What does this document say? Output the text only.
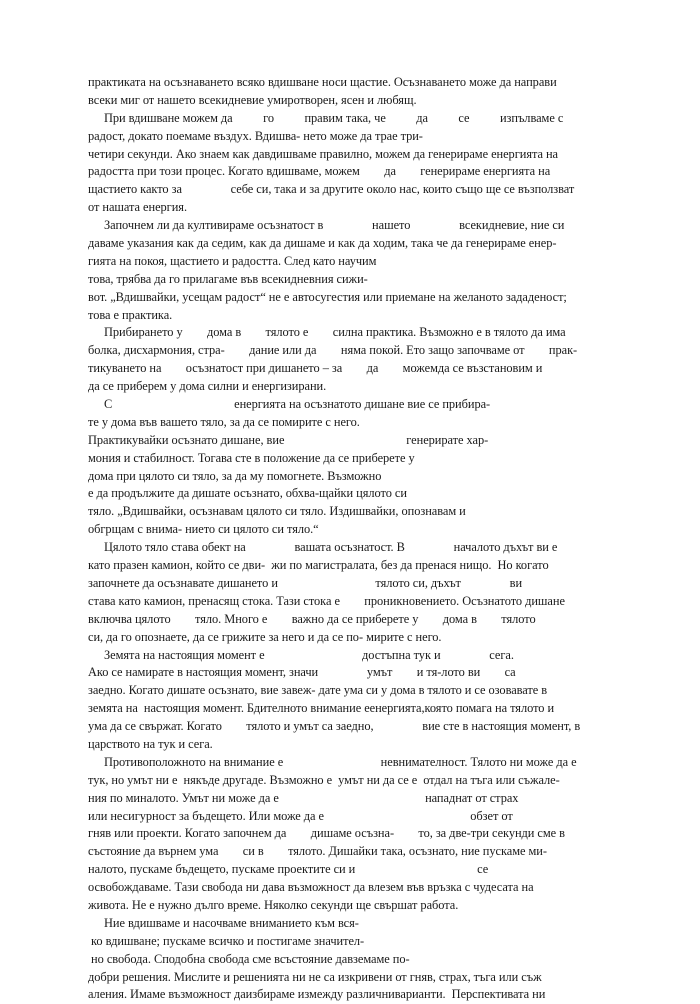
практиката на осъзнаването всяко вдишване носи щастие. Осъзнаването може да направи
всеки миг от нашето всекидневие умиротворен, ясен и любящ.
При вдишване можем да          го          правим така, че          да          се          изпълваме с
радост, докато поемаме въздух. Вдишва- нето може да трае три-
четири секунди. Ако знаем как давдишваме правилно, можем да генерираме енергията на
радостта при този процес. Когато вдишваме, можем        да        генерираме енергията на
щастието както за                себе си, така и за другите около нас, които също ще се възползват
от нашата енергия.
Започнем ли да култивираме осъзнатост в                нашето                всекидневие, ние си
даваме указания как да седим, как да дишаме и как да ходим, така че да генерираме енер-
гията на покоя, щастието и радостта. След като научим
това, трябва да го прилагаме във всекидневния сижи-
вот. „Вдишвайки, усещам радост“ не е автосугестия или приемане на желаното зададеност;
това е практика.
Прибирането у        дома в        тялото е        силна практика. Възможно е в тялото да има
болка, дисхармония, стра-        дание или да        няма покой. Ето защо започваме от        прак-
тикуването на        осъзнатост при дишането – за        да        можемда се възстановим и
да се приберем у дома силни и енергизирани.
С                                        енергията на осъзнатото дишане вие се прибира-
те у дома във вашето тяло, за да се помирите с него.
Практикувайки осъзнато дишане, вие                                        генерирате хар-
мония и стабилност. Тогава сте в положение да се приберете у
дома при цялото си тяло, за да му помогнете. Възможно
е да продължите да дишате осъзнато, обхва-щайки цялото си
тяло. „Вдишвайки, осъзнавам цялото си тяло. Издишвайки, опознавам и
обгрщам с внима- нието си цялото си тяло.“
Цялото тяло става обект на                вашата осъзнатост. В                началото дъхът ви е
като празен камион, който се дви-  жи по магистралата, без да пренася нищо.  Но когато
започнете да осъзнавате дишането и                                тялото си, дъхът                ви
става като камион, пренасящ стока. Тази стока е        проникновението. Осъзнатото дишане
включва цялото        тяло. Много е        важно да се приберете у        дома в        тялото
си, да го опознаете, да се грижите за него и да се по- мирите с него.
Земята на настоящия момент е                                достъпна тук и                сега.
Ако се намирате в настоящия момент, значи                умът        и тя-лото ви        са
заедно. Когато дишате осъзнато, вие завеж- дате ума си у дома в тялото и се озовавате в
земята на  настоящия момент. Бдителното внимание еенергията,която помага на тялото и
ума да се свържат. Когато        тялото и умът са заедно,                вие сте в настоящия момент, в
царството на тук и сега.
Противоположното на внимание е                                невнимателност. Тялото ни може да е
тук, но умът ни е  някъде другаде. Възможно е  умът ни да се е  отдал на тъга или съжале-
ния по миналото. Умът ни може да е                                                нападнат от страх
или несигурност за бъдещето. Или може да е                                                обзет от
гняв или проекти. Когато започнем да        дишаме осъзна-        то, за две-три секунди сме в
състояние да върнем ума        си в        тялото. Дишайки така, осъзнато, ние пускаме ми-
налото, пускаме бъдещето, пускаме проектите си и                                        се
освобождаваме. Тази свобода ни дава възможност да влезем във връзка с чудесата на
живота. Не е нужно дълго време. Няколко секунди ще свършат работа.
Ние вдишваме и насочваме вниманието към вся-
ко вдишване; пускаме всичко и постигаме значител-
но свобода. Сподобна свобода сме всъстояние давземаме по-
добри решения. Мислите и решенията ни не са изкривени от гняв, страх, тъга или съж
аления. Имаме възможност даизбираме измежду различниварианти.  Перспективата ни
